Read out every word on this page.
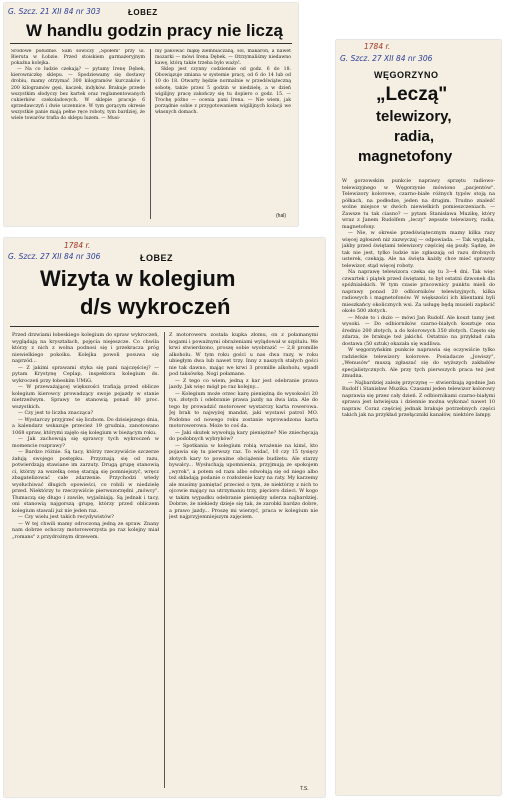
G. Szcz. 21 XII 84 nr 303	ŁOBEZ
W handlu godzin pracy nie liczą

Środowe południe. Sam sowiczy „Społem" przy ul. Bieruta w Łobzie. Przed stoiskiem garmażeryjnym pokaźna kolejka.

— Na co ludzie czekają? — pytamy Irenę Dębek, kierowniczkę sklepu. — Spodziewamy się dostawy drobiu, mamy otrzymać 300 kilogramów kurczaków i 200 kilogramów gęsi, kaczek, indyków. Brakuje przede wszystkim słodyczy bez kartek oraz reglamentowanych cukierków czekoladowych. W sklepie pracuje 6 sprzedawczyń i dwie uczennice. W tym gorącym okresie wszystkie panie mają pełne ręce roboty, tym bardziej, że wiele towarów trafia do sklepu luzem. — Musi-

my pakować mąkę ziemniaczaną, sól, makaron, a nawet mozarki — mówi Irena Dębek. — Otrzymaliśmy niedawno kawę, którą także trzeba było ważyć.

Sklep jest czynny codziennie od godz. 6 do 18. Obowiązuje zmiana w systemie pracy, od 6 do 14 lub od 10 do 18. Otwarty będzie normalnie w przedświąteczną sobotę, także przez 5 godzin w niedzielę, a w dzień wigilijny pracę zakończy się tu dopiero o godz. 15. — Trochę późno — ocenia pani Irena. — Nie wiem, jak porządnie sobie z przygotowaniem wigilijnych kolacji we własnych domach.

(hal)
1784 r.
G. Szcz. 27 XII 84 nr 306
WĘGORZYNO
„Leczą"
telewizory,
radia,
magnetofony

W gorzowskim punkcie naprawy sprzętu radiowo-telewizyjnego w Węgorzynie mówiono „pacjentów". Telewizory kolorowe, czarno-białe różnych typów stoją na półkach, na podłodze, jeden na drugim. Trudno znaleźć wolne miejsce w dwóch niewielkich pomieszczeniach. — Zawsze tu tak ciasno? — pytam Stanisława Muzikę, który wraz z Janem Rudolfem „leczy" zepsute telewizory, radia, magnetofony.

— Nie, w okresie przedświątecznym mamy kilka razy więcej zgłoszeń niż zazwyczaj — odpowiada. — Tak wygląda, jakby przed świętami telewizory częściej się psuły. Sądzę, że tak nie jest, tylko ludzie nie zgłaszają od razu drobnych usterek, czekają. Ale na święta każdy chce mieć sprawny telewizor, stąd więcej roboty.

Na naprawę telewizora czeka się tu 3—4 dni. Tak więc czwartek i piątek przed świętami, to był ostatni dzwonek dla spóźnialskich. W tym czasie pracownicy punktu mieli do naprawy ponad 20 odbiorników telewizyjnych, kilka radiowych i magnetofonów. W większości ich klientami byli mieszkańcy okolicznych wsi. Za usługę będą musieli zapłacić około 500 złotych.

— Może to i dużo — mówi Jan Rudolf. Ale koszt tamy jest wysoki. — Do odbiorników czarno-białych kosztuje ona średnio 200 złotych, a do kolorowych 350 złotych. Często się zdarza, że brakuje też jakichś. Ostatnio na przykład cała dostawa (50 sztuk) okazała się wadliwa.

W węgorzyńskim punkcie naprawia się oczywiście tylko radzieckie telewizory kolorowe. Posiadacze „Jowiszy", „Wenusów" muszą zgłaszać się do wyższych zakładów specjalistycznych. Ale przy tych pierwszych praca też jest żmudna.

— Najbardziej zależę przyczynę — stwierdzają zgodnie Jan Rudolf i Stanisław Muzika. Czasami jeden telewizor kolorowy naprawia się przez cały dzień. Z odbiornikami czarno-białymi sprawa jest łatwiejsza i dziennie można wykonać nawet 10 napraw. Coraz częściej jednak brakuje potrzebnych części takich jak na przykład przełączniki kanałów, niektóre lampy.

1784 r.
G. Szcz. 27 XII 84 nr 306	ŁOBEZ
Wizyta w kolegium
d/s wykroczeń

Przed drzwiami łobeskiego kolegium do spraw wykroczeń, wyglądają na kryształach, pojęcia niejeszcze. Co chwila którzy z nich z wolna podnosi się i przekracza próg niewielkiego pokoiku. Kolejka powoli posuwa się naprzód...

— Z jakimi sprawami styka się pani najczęściej? — pytam Krystynę Ceplap, inspektora kolegium ds. wykroczeń przy łobeskim UMiG.

— W przeważającej większości trafiają przed oblicze kolegium kierowcy prowadzący swoje pojazdy w stanie nietrzeźwym. Sprawy te stanowią ponad 80 proc. wszystkich.

— Czy jest to liczba znacząca?

— Wystarczy przyjrzeć się liczbom. Do dzisiejszego dnia, a kalendarz wskazuje przecież 19 grudnia, zanotowano 1068 spraw, którymi zajęło się kolegium w bieżącym roku.

— Jak zachowują się sprawcy tych wykroczeń w momencie rozprawy?

— Bardzo różnie. Są tacy, którzy rzeczywiście szczerze żałują swojego postępku. Przyznają się od razu, potwierdzają stawiane im zarzuty. Drugą grupę stanowią ci, którzy za wszelką cenę starają się pomniejszyć, wręcz zbagatelizować całe zdarzenie. Przychodzi wtedy wysłuchiwać długich opowieści, co robili w niedzielę przed. Niektórzy to rzeczywiście pierwszorzędni „mówcy". Tłumaczą się długo i zawile, wyjaśniają. Są jednak i tacy, oni stanowią najgorszą grupę, którzy przed obliczem kolegium stawali już nie jeden raz.

— Czy wielu jest takich recydywistów?

— W tej chwili mamy odroczoną jedną ze spraw. Znany nam dobrze ochoczy motorowerzysta po raz kolejny miał „romans" z przydrożnym drzewem.

Z motoroweru została kupka złomu, on z połamanymi nogami i poważnymi obrażeniami wylądował w szpitalu. We krwi stwierdzono, proszę sobie wyobrazić — 2,8 promille alkoholu. W tym roku gości u nas dwa razy, w roku ubiegłym dwa lub nawet trzy. Inny z naszych stałych gości nie tak dawno, mając we krwi 3 promille alkoholu, wpadł pod taksówkę. Nogi połamane.

— Z tego co wiem, jedną z kar jest odebranie prawa jazdy. Jak więc mógł po raz kolejny...

— Kolegium może orzec karę pieniężną do wysokości 20 tys. złotych i odebranie prawa jazdy na dwa lata. Ale do tego by prowadzić motorower wystarczy karta rowerowa. Jej brak to najwyżej mandat, jaki wystawi patrol MO. Podobno od nowego roku zostanie wprowadzona karta motorowerowa. Może to coś da.

— Jaki skutek wywołują kary pieniężne? Nie zniechęcają do podobnych wybryków?

— Spotkania w kolegium robią wrażenie na kimś, kto pojawia się tu pierwszy raz. To widać, 10 czy 15 tysięcy złotych kary to poważne obciążenie budżetu. Ale starzy bywalcy... Wysłuchają upomnienia, przyjmują ze spokojem „wyrok", a potem od razu albo odwołują się od niego albo też składają podanie o rozłożenie kary na raty. My karzemy ale musimy pamiętać przecież o tym, że niektórzy z nich to ojcowie mający na utrzymaniu trzy, pięcioro dzieci. W kogo w takim wypadku odebranie pieniędzy uderza najbardziej. Dobrze, że niekiedy dzieje się tak, że zarobki bardzo dobre, a prawo jazdy... Proszę mi wierzyć, praca w kolegium nie jest najprzyjemniejszym zajęciem.

T.S.
